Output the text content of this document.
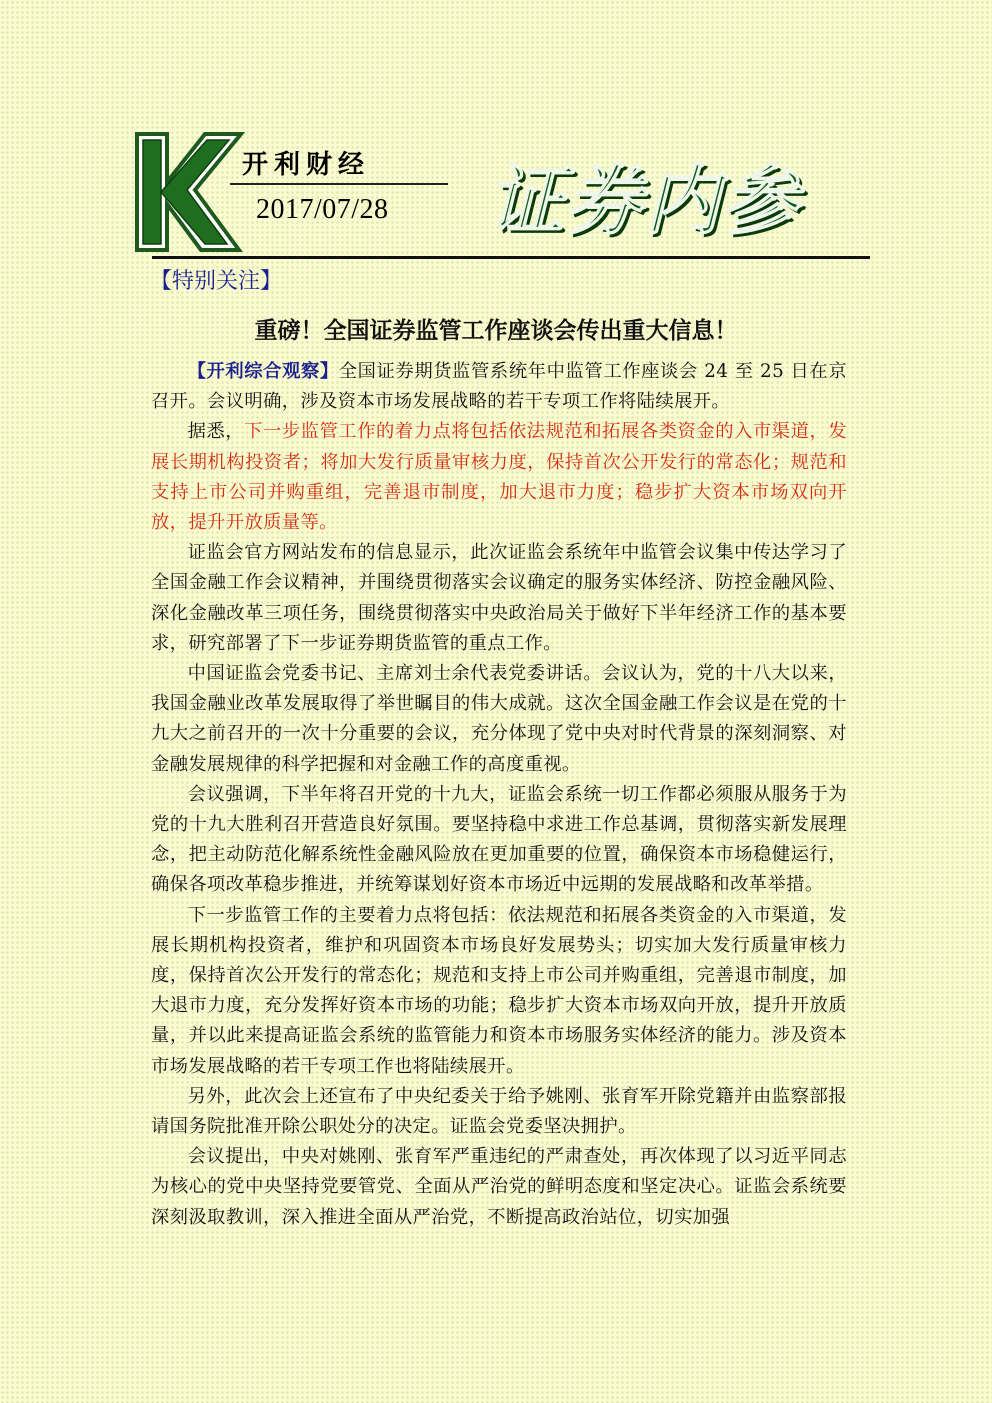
开利财经
2017/07/28 证券内参
【特别关注】
重磅！全国证券监管工作座谈会传出重大信息！

【开利综合观察】全国证券期货监管系统年中监管工作座谈会 24 至 25 日在京召开。会议明确，涉及资本市场发展战略的若干专项工作将陆续展开。

据悉，下一步监管工作的着力点将包括依法规范和拓展各类资金的入市渠道，发展长期机构投资者；将加大发行质量审核力度，保持首次公开发行的常态化；规范和支持上市公司并购重组，完善退市制度，加大退市力度；稳步扩大资本市场双向开放，提升开放质量等。

证监会官方网站发布的信息显示，此次证监会系统年中监管会议集中传达学习了全国金融工作会议精神，并围绕贯彻落实会议确定的服务实体经济、防控金融风险、深化金融改革三项任务，围绕贯彻落实中央政治局关于做好下半年经济工作的基本要求，研究部署了下一步证券期货监管的重点工作。

中国证监会党委书记、主席刘士余代表党委讲话。会议认为，党的十八大以来，我国金融业改革发展取得了举世瞩目的伟大成就。这次全国金融工作会议是在党的十九大之前召开的一次十分重要的会议，充分体现了党中央对时代背景的深刻洞察、对金融发展规律的科学把握和对金融工作的高度重视。

会议强调，下半年将召开党的十九大，证监会系统一切工作都必须服从服务于为党的十九大胜利召开营造良好氛围。要坚持稳中求进工作总基调，贯彻落实新发展理念，把主动防范化解系统性金融风险放在更加重要的位置，确保资本市场稳健运行，确保各项改革稳步推进，并统筹谋划好资本市场近中远期的发展战略和改革举措。

下一步监管工作的主要着力点将包括：依法规范和拓展各类资金的入市渠道，发展长期机构投资者，维护和巩固资本市场良好发展势头；切实加大发行质量审核力度，保持首次公开发行的常态化；规范和支持上市公司并购重组，完善退市制度，加大退市力度，充分发挥好资本市场的功能；稳步扩大资本市场双向开放，提升开放质量，并以此来提高证监会系统的监管能力和资本市场服务实体经济的能力。涉及资本市场发展战略的若干专项工作也将陆续展开。

另外，此次会上还宣布了中央纪委关于给予姚刚、张育军开除党籍并由监察部报请国务院批准开除公职处分的决定。证监会党委坚决拥护。

会议提出，中央对姚刚、张育军严重违纪的严肃查处，再次体现了以习近平同志为核心的党中央坚持党要管党、全面从严治党的鲜明态度和坚定决心。证监会系统要深刻汲取教训，深入推进全面从严治党，不断提高政治站位，切实加强
